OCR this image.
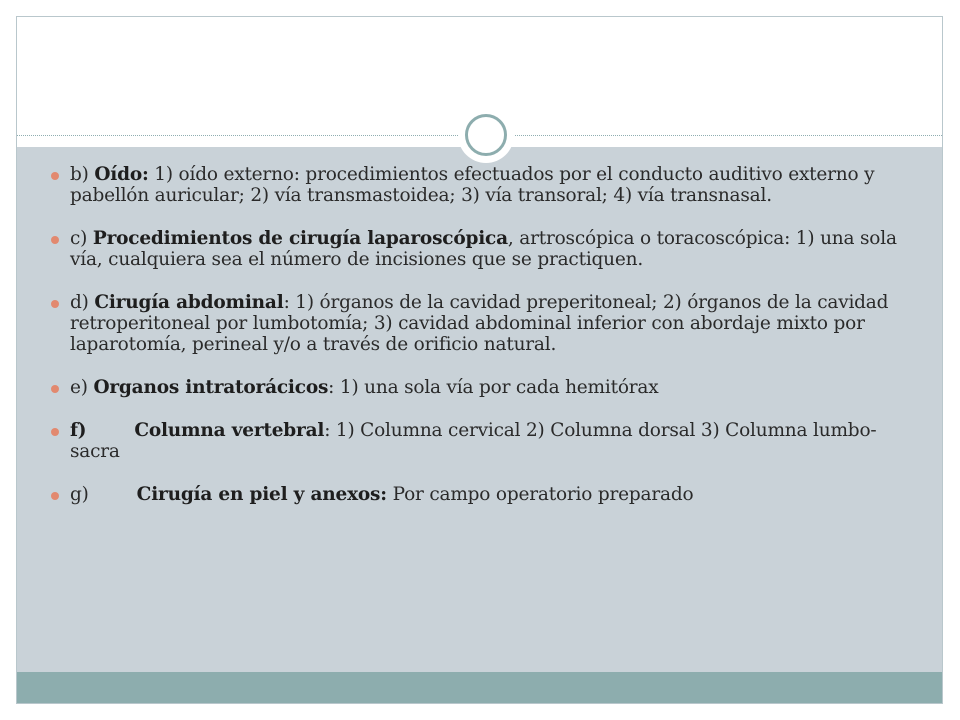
b) Oído: 1) oído externo: procedimientos efectuados por el conducto auditivo externo y pabellón auricular; 2) vía transmastoidea; 3) vía transoral; 4) vía transnasal.
c) Procedimientos de cirugía laparoscópica, artroscópica o toracoscópica: 1) una sola vía, cualquiera sea el número de incisiones que se practiquen.
d) Cirugía abdominal: 1) órganos de la cavidad preperitoneal; 2) órganos de la cavidad retroperitoneal por lumbotomía; 3) cavidad abdominal inferior con abordaje mixto por laparotomía, perineal y/o a través de orificio natural.
e) Organos intratorácicos: 1) una sola vía por cada hemitórax
f)	Columna vertebral: 1) Columna cervical 2) Columna dorsal 3) Columna lumbo-sacra
g)	Cirugía en piel y anexos: Por campo operatorio preparado
